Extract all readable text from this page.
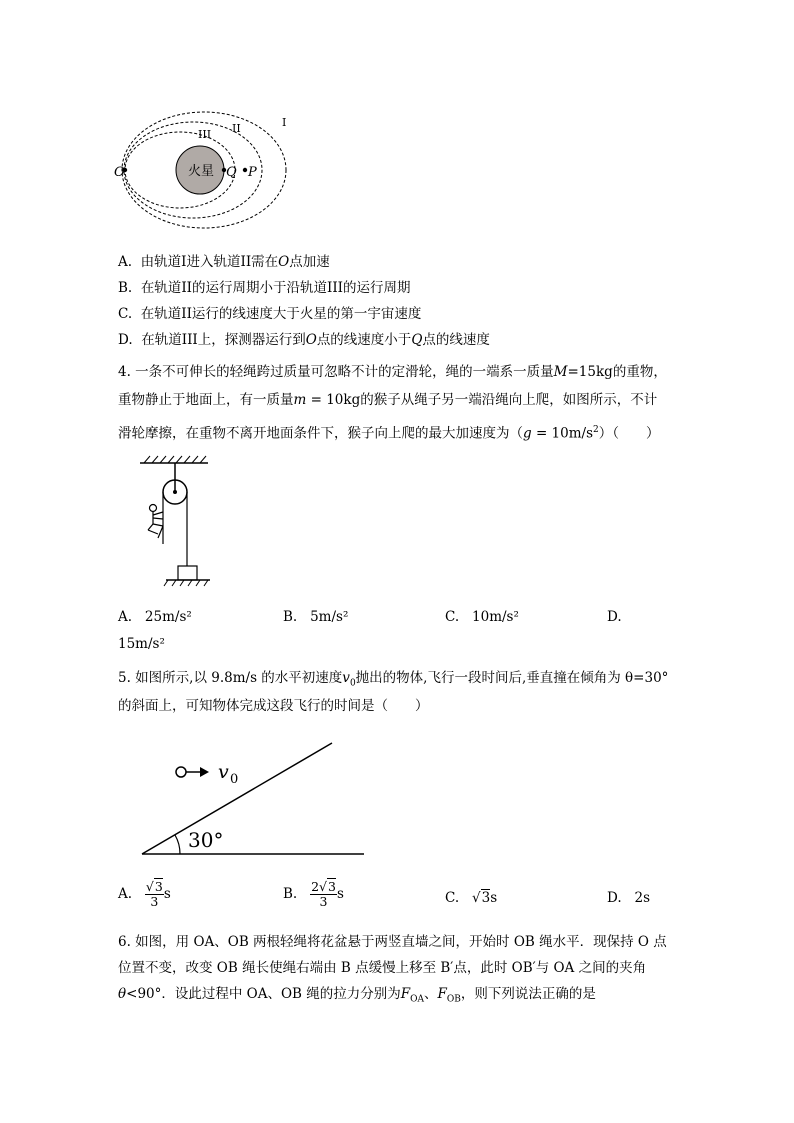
火星
O	Q P
I
II
III
A. 由轨道I进入轨道II需在O点加速
B. 在轨道II的运行周期小于沿轨道III的运行周期
C. 在轨道II运行的线速度大于火星的第一宇宙速度
D. 在轨道III上，探测器运行到O点的线速度小于Q点的线速度
4. 一条不可伸长的轻绳跨过质量可忽略不计的定滑轮，绳的一端系一质量M=15kg的重物，
重物静止于地面上，有一质量m = 10kg的猴子从绳子另一端沿绳向上爬，如图所示，不计
滑轮摩擦，在重物不离开地面条件下，猴子向上爬的最大加速度为$(g = 10m/s^2)$（　　）
A. 25m/s²	B. 5m/s²	C. 10m/s²	D.
15m/s²
5. 如图所示,以 9.8m/s 的水平初速度$v_0$抛出的物体,飞行一段时间后,垂直撞在倾角为 θ=30°
的斜面上，可知物体完成这段飞行的时间是（　　）
30°
v 0
A. $\frac{√3}{3}$ s	B. $\frac{2√3}{3}$ s	C.   √3s	D. 2s
6. 如图，用 OA、OB 两根轻绳将花盆悬于两竖直墙之间，开始时 OB 绳水平．现保持 O 点
位置不变，改变 OB 绳长使绳右端由 B 点缓慢上移至 B′点，此时 OB′与 OA 之间的夹角
θ<90°．设此过程中 OA、OB 绳的拉力分别为$F_{OA}$、$F_{OB}$，则下列说法正确的是
